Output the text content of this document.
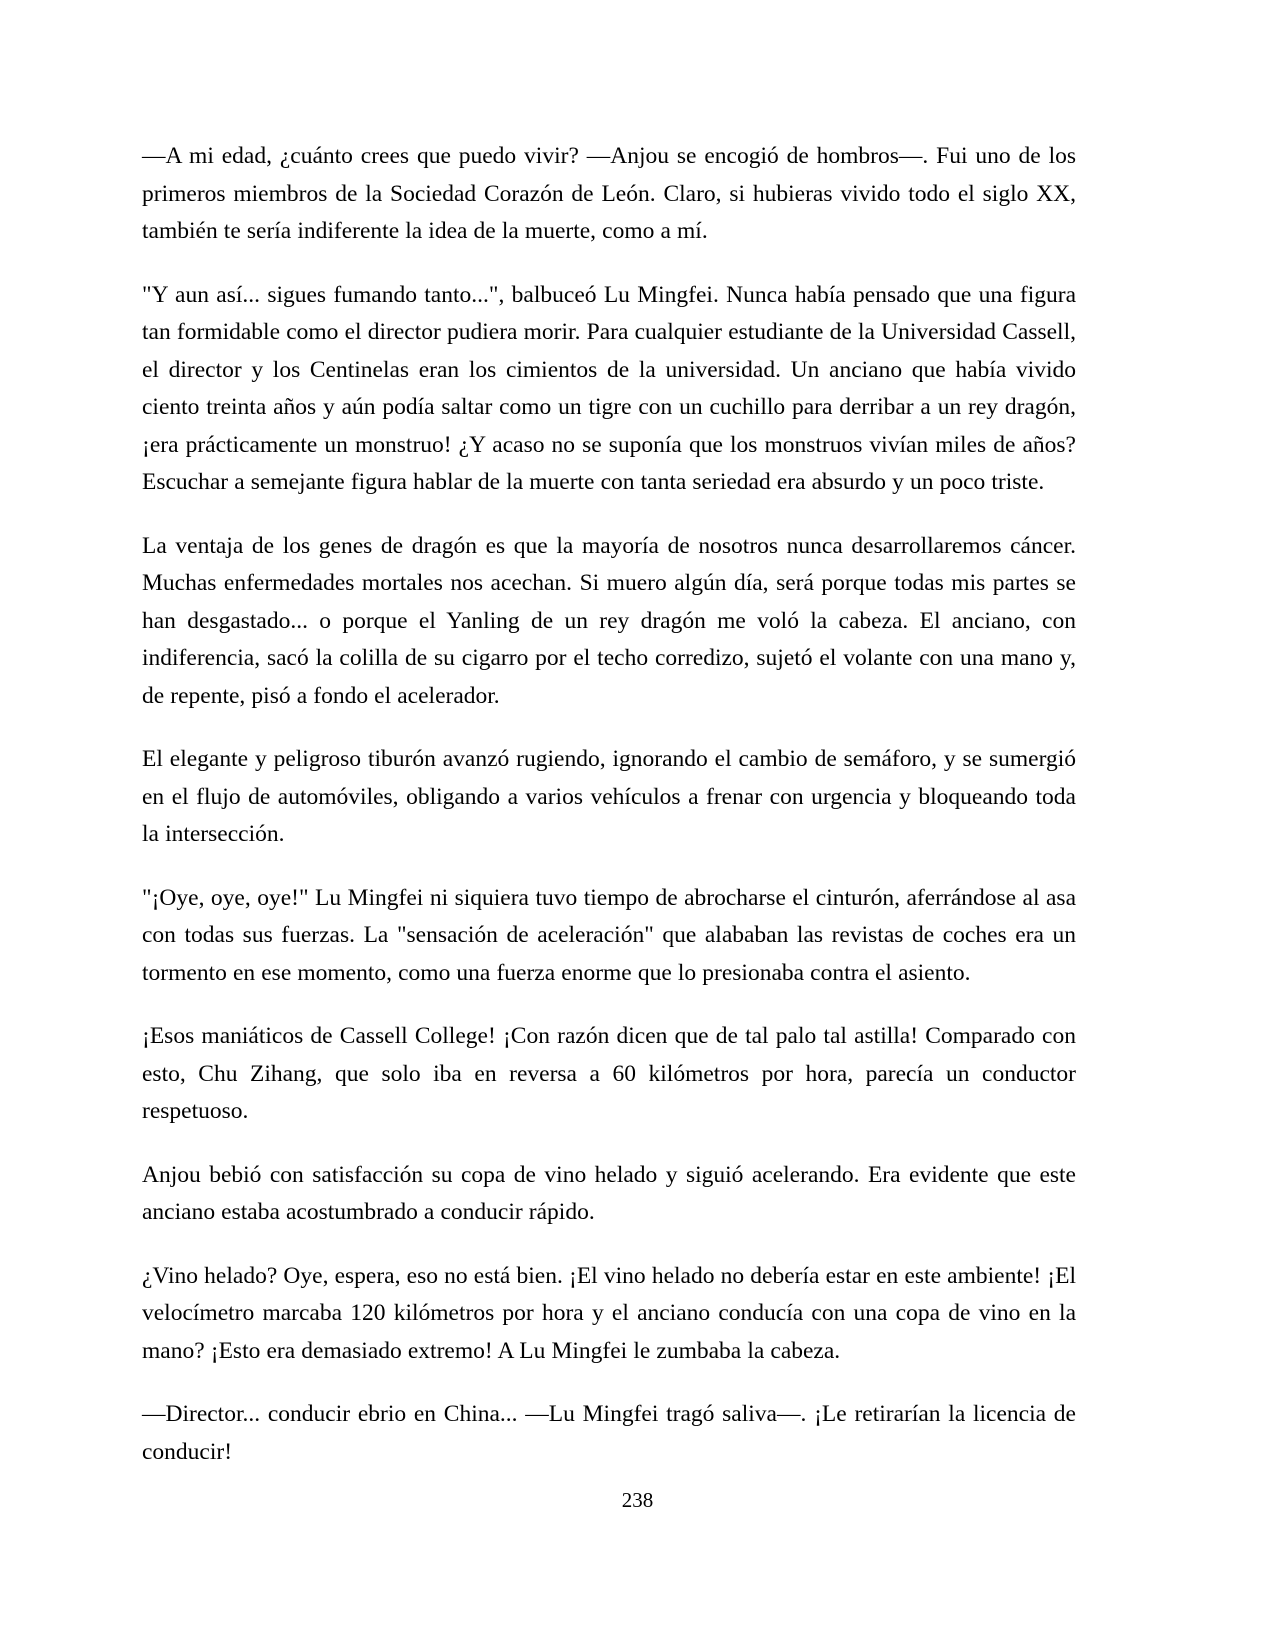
—A mi edad, ¿cuánto crees que puedo vivir? —Anjou se encogió de hombros—. Fui uno de los primeros miembros de la Sociedad Corazón de León. Claro, si hubieras vivido todo el siglo XX, también te sería indiferente la idea de la muerte, como a mí.

"Y aun así... sigues fumando tanto...", balbuceó Lu Mingfei. Nunca había pensado que una figura tan formidable como el director pudiera morir. Para cualquier estudiante de la Universidad Cassell, el director y los Centinelas eran los cimientos de la universidad. Un anciano que había vivido ciento treinta años y aún podía saltar como un tigre con un cuchillo para derribar a un rey dragón, ¡era prácticamente un monstruo! ¿Y acaso no se suponía que los monstruos vivían miles de años? Escuchar a semejante figura hablar de la muerte con tanta seriedad era absurdo y un poco triste.

La ventaja de los genes de dragón es que la mayoría de nosotros nunca desarrollaremos cáncer. Muchas enfermedades mortales nos acechan. Si muero algún día, será porque todas mis partes se han desgastado... o porque el Yanling de un rey dragón me voló la cabeza. El anciano, con indiferencia, sacó la colilla de su cigarro por el techo corredizo, sujetó el volante con una mano y, de repente, pisó a fondo el acelerador.

El elegante y peligroso tiburón avanzó rugiendo, ignorando el cambio de semáforo, y se sumergió en el flujo de automóviles, obligando a varios vehículos a frenar con urgencia y bloqueando toda la intersección.

"¡Oye, oye, oye!" Lu Mingfei ni siquiera tuvo tiempo de abrocharse el cinturón, aferrándose al asa con todas sus fuerzas. La "sensación de aceleración" que alababan las revistas de coches era un tormento en ese momento, como una fuerza enorme que lo presionaba contra el asiento.

¡Esos maniáticos de Cassell College! ¡Con razón dicen que de tal palo tal astilla! Comparado con esto, Chu Zihang, que solo iba en reversa a 60 kilómetros por hora, parecía un conductor respetuoso.

Anjou bebió con satisfacción su copa de vino helado y siguió acelerando. Era evidente que este anciano estaba acostumbrado a conducir rápido.

¿Vino helado? Oye, espera, eso no está bien. ¡El vino helado no debería estar en este ambiente! ¡El velocímetro marcaba 120 kilómetros por hora y el anciano conducía con una copa de vino en la mano? ¡Esto era demasiado extremo! A Lu Mingfei le zumbaba la cabeza.

—Director... conducir ebrio en China... —Lu Mingfei tragó saliva—. ¡Le retirarían la licencia de conducir!

238
